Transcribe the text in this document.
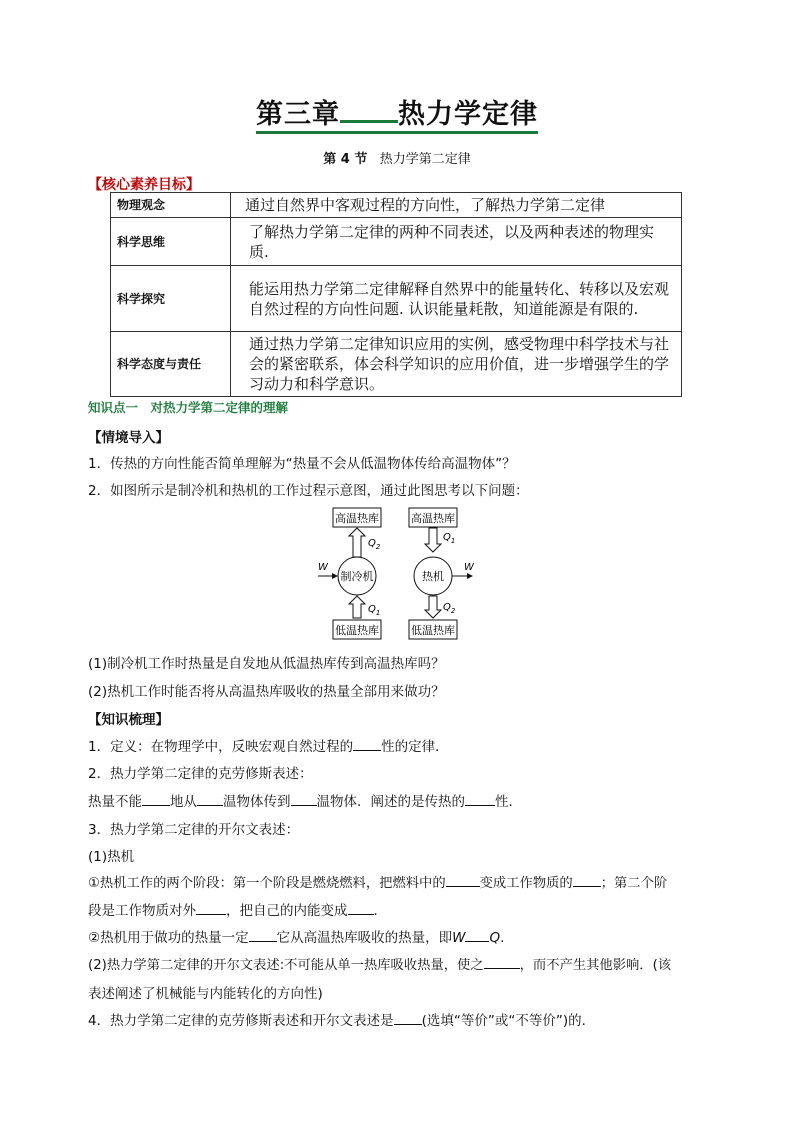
第三章 热力学定律
第 4 节 热力学第二定律
【核心素养目标】
物理观念	通过自然界中客观过程的方向性，了解热力学第二定律
科学思维	了解热力学第二定律的两种不同表述，以及两种表述的物理实质.
科学探究	能运用热力学第二定律解释自然界中的能量转化、转移以及宏观自然过程的方向性问题. 认识能量耗散，知道能源是有限的.
科学态度与责任	通过热力学第二定律知识应用的实例，感受物理中科学技术与社会的紧密联系，体会科学知识的应用价值，进一步增强学生的学习动力和科学意识。
知识点一　对热力学第二定律的理解
【情境导入】
1．传热的方向性能否简单理解为“热量不会从低温物体传给高温物体”？
2．如图所示是制冷机和热机的工作过程示意图，通过此图思考以下问题：
高温热库
$Q_2$
制冷机
W
$Q_1$
低温热库
高温热库
$Q_1$
热机
W
$Q_2$
低温热库
(1)制冷机工作时热量是自发地从低温热库传到高温热库吗？
(2)热机工作时能否将从高温热库吸收的热量全部用来做功？
【知识梳理】
1．定义：在物理学中，反映宏观自然过程的 性的定律．
2．热力学第二定律的克劳修斯表述：
热量不能 地从 温物体传到 温物体．阐述的是传热的 性．
3．热力学第二定律的开尔文表述：
(1)热机
①热机工作的两个阶段：第一个阶段是燃烧燃料，把燃料中的	变成工作物质的 ；第二个阶
段是工作物质对外 ，把自己的内能变成 ．
②热机用于做功的热量一定 它从高温热库吸收的热量，即W Q.
(2)热力学第二定律的开尔文表述:不可能从单一热库吸收热量，使之	，而不产生其他影响．(该
表述阐述了机械能与内能转化的方向性)
4．热力学第二定律的克劳修斯表述和开尔文表述是 (选填“等价”或“不等价”)的．
